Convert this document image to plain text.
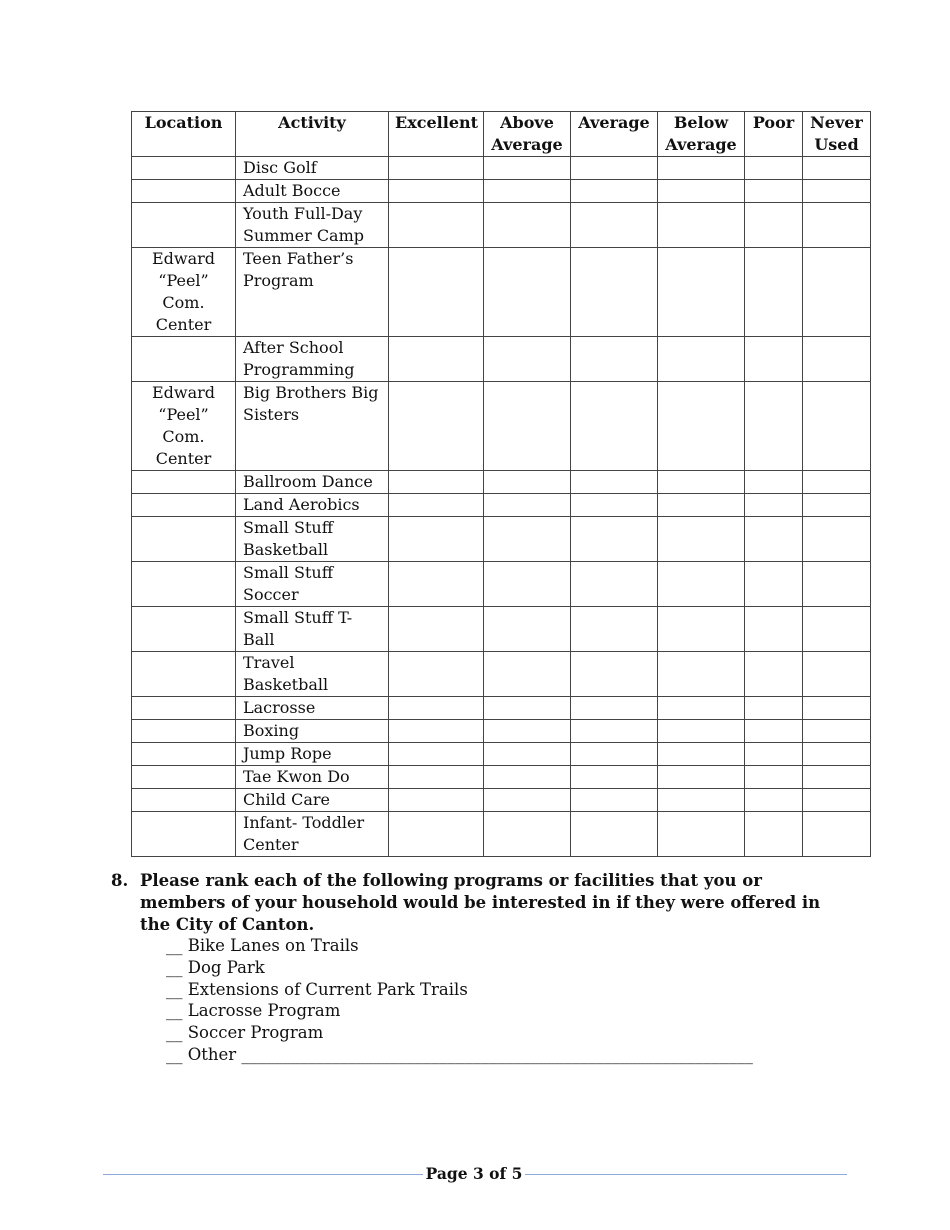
Location	Activity	Excellent	Above Average	Average	Below Average	Poor	Never Used
	Disc Golf						
	Adult Bocce						
	Youth Full-Day Summer Camp						
Edward “Peel” Com. Center	Teen Father’s Program						
	After School Programming						
Edward “Peel” Com. Center	Big Brothers Big Sisters						
	Ballroom Dance						
	Land Aerobics						
	Small Stuff Basketball						
	Small Stuff Soccer						
	Small Stuff T-Ball						
	Travel Basketball						
	Lacrosse						
	Boxing						
	Jump Rope						
	Tae Kwon Do						
	Child Care						
	Infant- Toddler Center						
8. Please rank each of the following programs or facilities that you or members of your household would be interested in if they were offered in the City of Canton.
__ Bike Lanes on Trails
__ Dog Park
__ Extensions of Current Park Trails
__ Lacrosse Program
__ Soccer Program
__ Other ______________________________________________________________
Page 3 of 5
